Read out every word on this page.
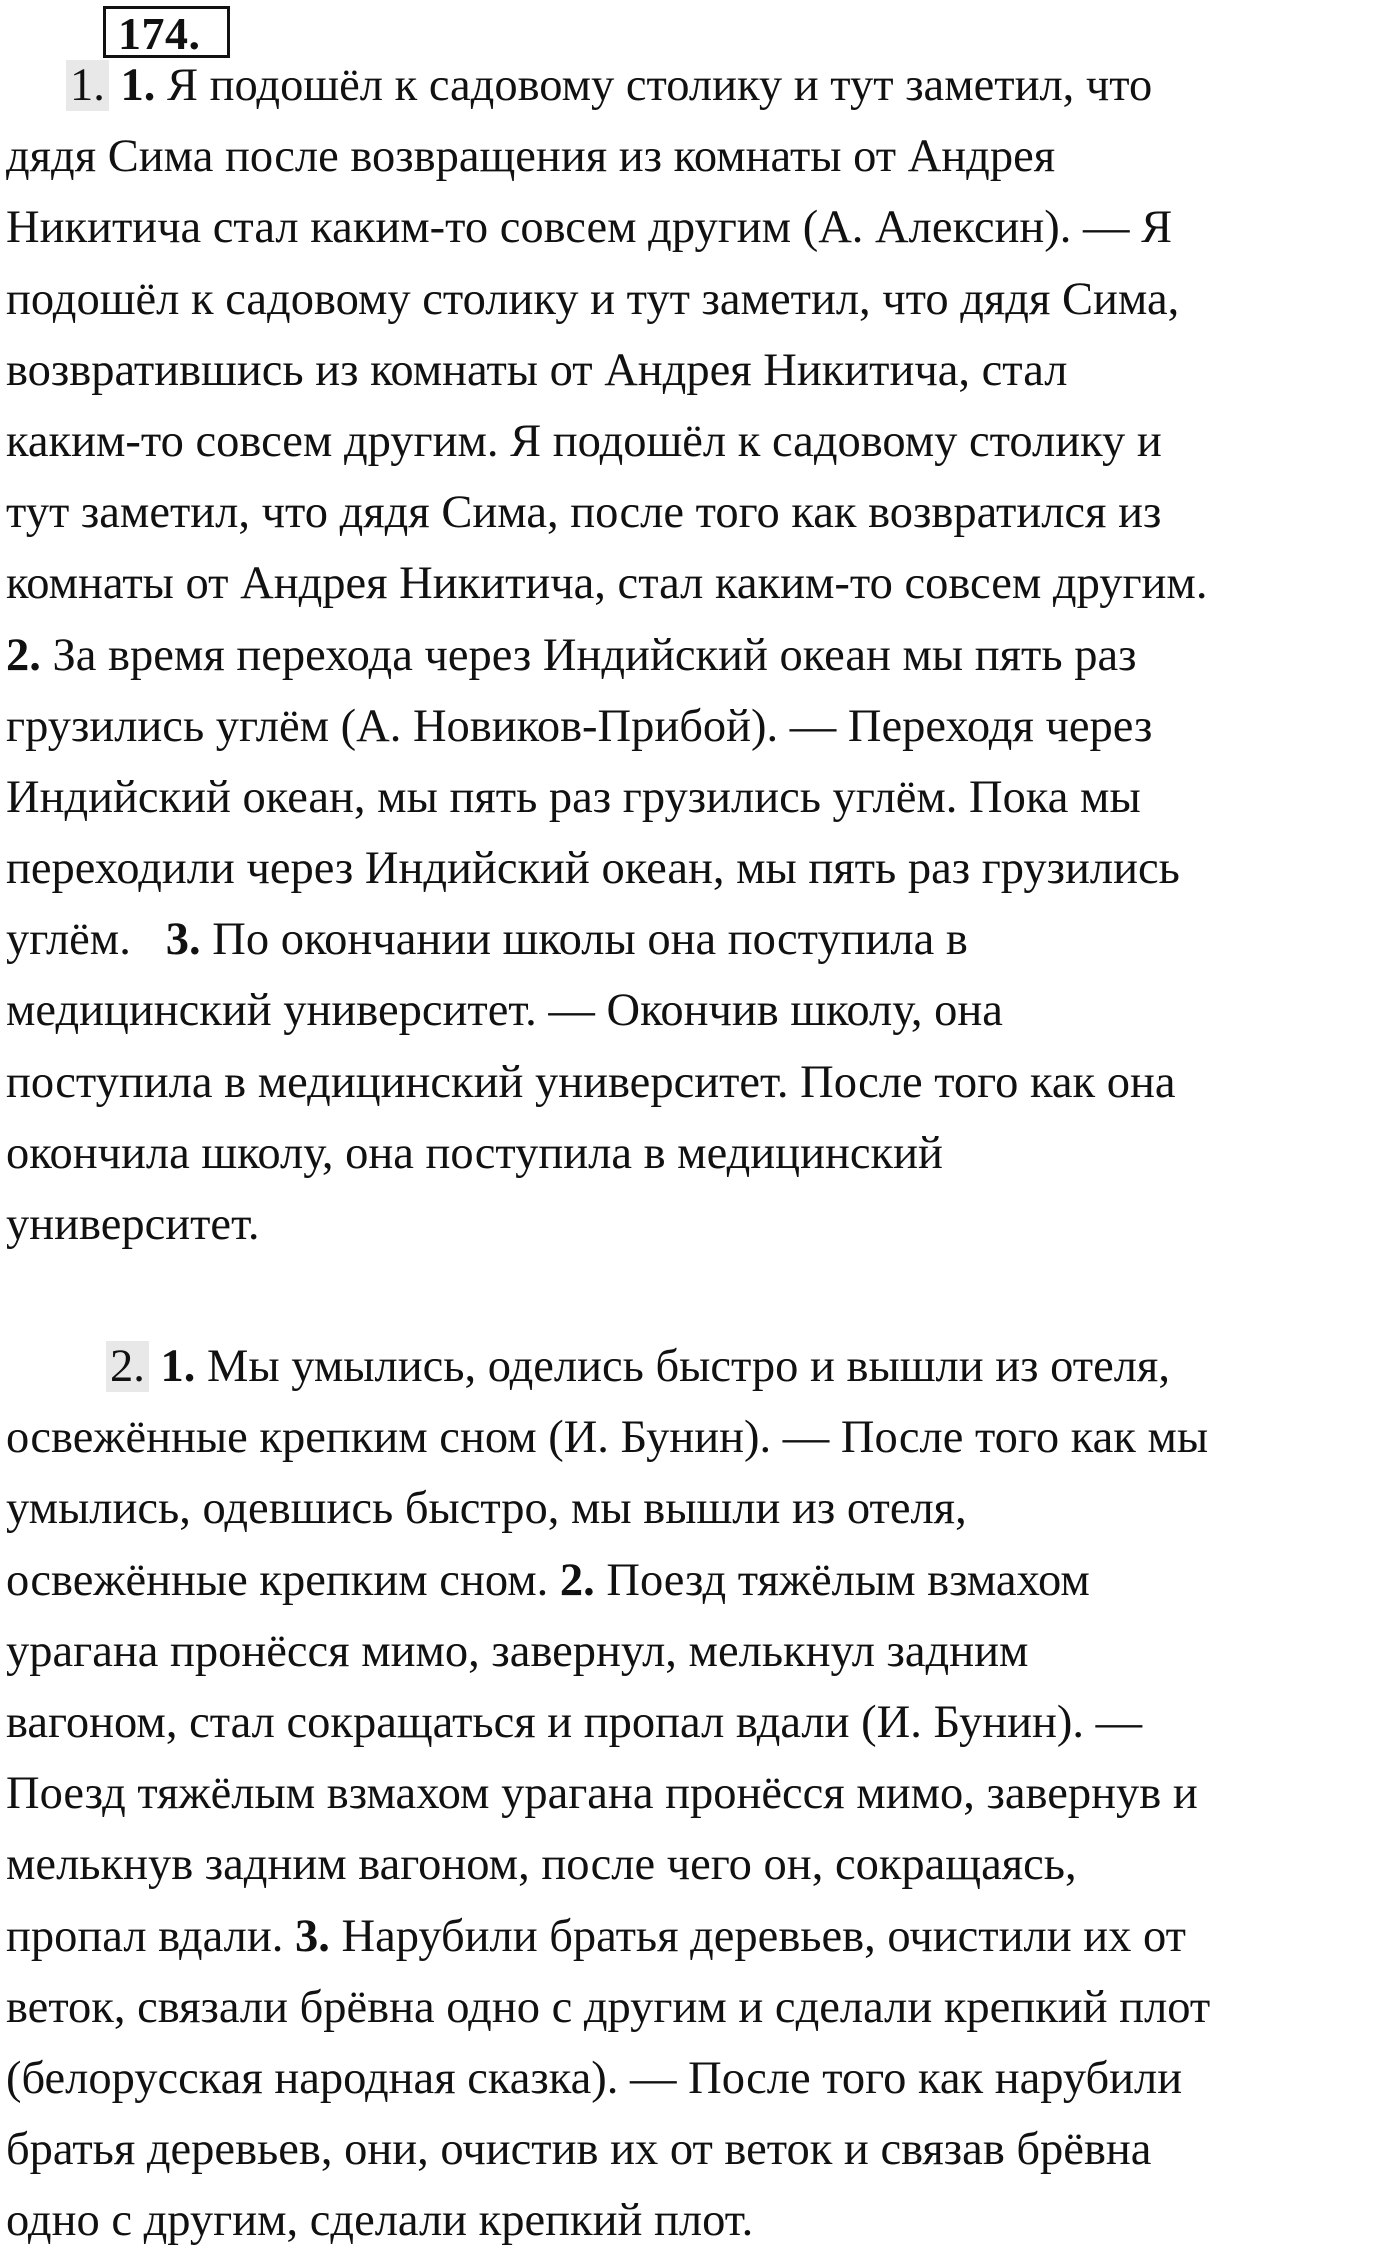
174.
1. 1. Я подошёл к садовому столику и тут заметил, что
дядя Сима после возвращения из комнаты от Андрея
Никитича стал каким-то совсем другим (А. Алексин). — Я
подошёл к садовому столику и тут заметил, что дядя Сима,
возвратившись из комнаты от Андрея Никитича, стал
каким-то совсем другим. Я подошёл к садовому столику и
тут заметил, что дядя Сима, после того как возвратился из
комнаты от Андрея Никитича, стал каким-то совсем другим.
2. За время перехода через Индийский океан мы пять раз
грузились углём (А. Новиков-Прибой). — Переходя через
Индийский океан, мы пять раз грузились углём. Пока мы
переходили через Индийский океан, мы пять раз грузились
углём. 3. По окончании школы она поступила в
медицинский университет. — Окончив школу, она
поступила в медицинский университет. После того как она
окончила школу, она поступила в медицинский
университет.
2. 1. Мы умылись, оделись быстро и вышли из отеля,
освежённые крепким сном (И. Бунин). — После того как мы
умылись, одевшись быстро, мы вышли из отеля,
освежённые крепким сном. 2. Поезд тяжёлым взмахом
урагана пронёсся мимо, завернул, мелькнул задним
вагоном, стал сокращаться и пропал вдали (И. Бунин). —
Поезд тяжёлым взмахом урагана пронёсся мимо, завернув и
мелькнув задним вагоном, после чего он, сокращаясь,
пропал вдали. 3. Нарубили братья деревьев, очистили их от
веток, связали брёвна одно с другим и сделали крепкий плот
(белорусская народная сказка). — После того как нарубили
братья деревьев, они, очистив их от веток и связав брёвна
одно с другим, сделали крепкий плот.
